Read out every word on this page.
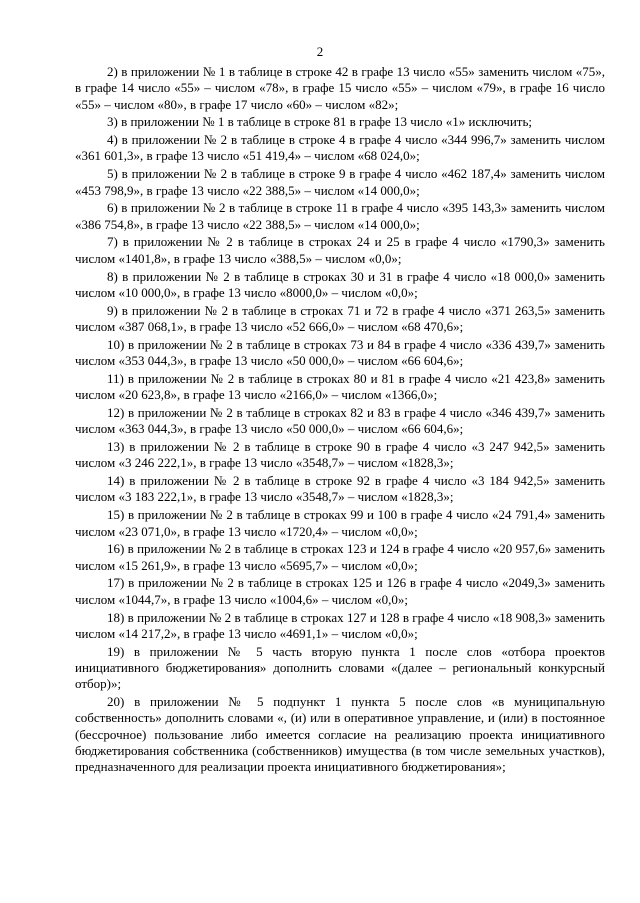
2

2) в приложении № 1 в таблице в строке 42 в графе 13 число «55» заменить числом «75», в графе 14 число «55» – числом «78», в графе 15 число «55» – числом «79», в графе 16 число «55» – числом «80», в графе 17 число «60» – числом «82»;

3) в приложении № 1 в таблице в строке 81 в графе 13 число «1» исключить;

4) в приложении № 2 в таблице в строке 4 в графе 4 число «344 996,7» заменить числом «361 601,3», в графе 13 число «51 419,4» – числом «68 024,0»;

5) в приложении № 2 в таблице в строке 9 в графе 4 число «462 187,4» заменить числом «453 798,9», в графе 13 число «22 388,5» – числом «14 000,0»;

6) в приложении № 2 в таблице в строке 11 в графе 4 число «395 143,3» заменить числом «386 754,8», в графе 13 число «22 388,5» – числом «14 000,0»;

7) в приложении № 2 в таблице в строках 24 и 25 в графе 4 число «1790,3» заменить числом «1401,8», в графе 13 число «388,5» – числом «0,0»;

8) в приложении № 2 в таблице в строках 30 и 31 в графе 4 число «18 000,0» заменить числом «10 000,0», в графе 13 число «8000,0» – числом «0,0»;

9) в приложении № 2 в таблице в строках 71 и 72 в графе 4 число «371 263,5» заменить числом «387 068,1», в графе 13 число «52 666,0» – числом «68 470,6»;

10) в приложении № 2 в таблице в строках 73 и 84 в графе 4 число «336 439,7» заменить числом «353 044,3», в графе 13 число «50 000,0» – числом «66 604,6»;

11) в приложении № 2 в таблице в строках 80 и 81 в графе 4 число «21 423,8» заменить числом «20 623,8», в графе 13 число «2166,0» – числом «1366,0»;

12) в приложении № 2 в таблице в строках 82 и 83 в графе 4 число «346 439,7» заменить числом «363 044,3», в графе 13 число «50 000,0» – числом «66 604,6»;

13) в приложении № 2 в таблице в строке 90 в графе 4 число «3 247 942,5» заменить числом «3 246 222,1», в графе 13 число «3548,7» – числом «1828,3»;

14) в приложении № 2 в таблице в строке 92 в графе 4 число «3 184 942,5» заменить числом «3 183 222,1», в графе 13 число «3548,7» – числом «1828,3»;

15) в приложении № 2 в таблице в строках 99 и 100 в графе 4 число «24 791,4» заменить числом «23 071,0», в графе 13 число «1720,4» – числом «0,0»;

16) в приложении № 2 в таблице в строках 123 и 124 в графе 4 число «20 957,6» заменить числом «15 261,9», в графе 13 число «5695,7» – числом «0,0»;

17) в приложении № 2 в таблице в строках 125 и 126 в графе 4 число «2049,3» заменить числом «1044,7», в графе 13 число «1004,6» – числом «0,0»;

18) в приложении № 2 в таблице в строках 127 и 128 в графе 4 число «18 908,3» заменить числом «14 217,2», в графе 13 число «4691,1» – числом «0,0»;

19) в приложении № 5 часть вторую пункта 1 после слов «отбора проектов инициативного бюджетирования» дополнить словами «(далее – региональный конкурсный отбор)»;

20) в приложении № 5 подпункт 1 пункта 5 после слов «в муниципальную собственность» дополнить словами «, (и) или в оперативное управление, и (или) в постоянное (бессрочное) пользование либо имеется согласие на реализацию проекта инициативного бюджетирования собственника (собственников) имущества (в том числе земельных участков), предназначенного для реализации проекта инициативного бюджетирования»;
